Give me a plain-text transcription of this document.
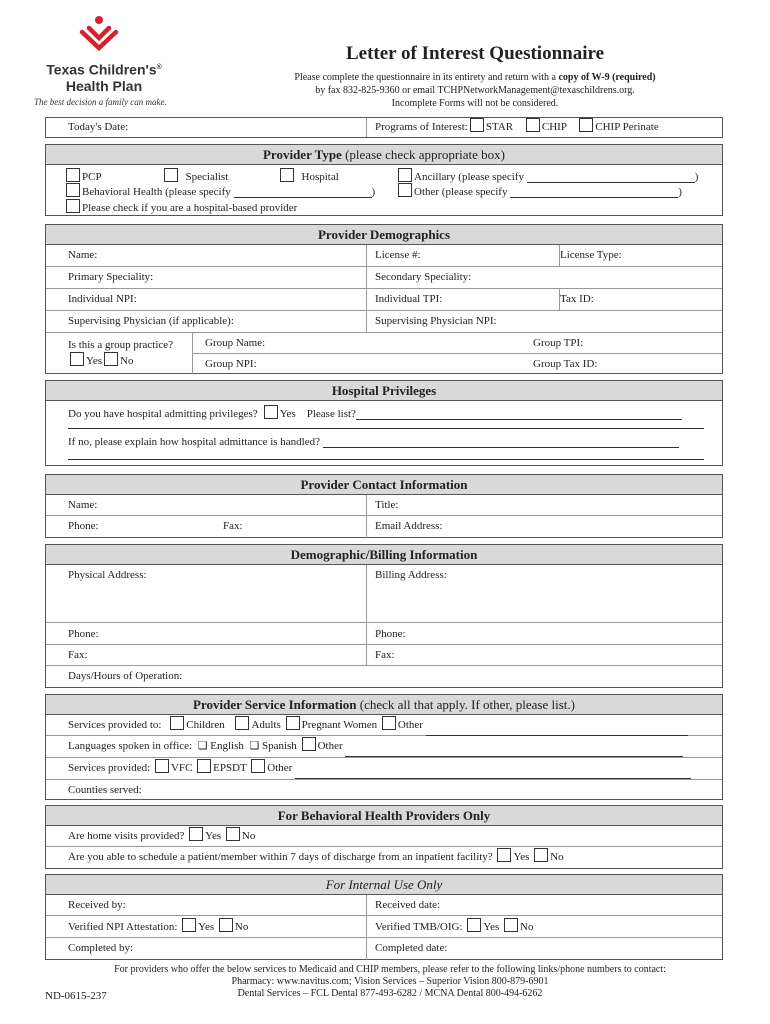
Texas Children's®
Health Plan
The best decision a family can make.
Letter of Interest Questionnaire
Please complete the questionnaire in its entirety and return with a copy of W-9 (required)
by fax 832-825-9360 or email TCHPNetworkManagement@texaschildrens.org.
Incomplete Forms will not be considered.
Today's Date:	Programs of Interest: STAR	CHIP	CHIP Perinate
Provider Type (please check appropriate box)
PCP	Specialist	Hospital	Ancillary (please specify	)
Behavioral Health (please specify	)	Other (please specify	)
Please check if you are a hospital-based provider
Provider Demographics
Name:	License #:	License Type:
Primary Speciality:	Secondary Speciality:
Individual NPI:	Individual TPI:	Tax ID:
Supervising Physician (if applicable):	Supervising Physician NPI:
Is this a group practice?
Yes No
Group Name:	Group TPI:
Group NPI:	Group Tax ID:
Hospital Privileges
Do you have hospital admitting privileges? Yes Please list?
If no, please explain how hospital admittance is handled?
Provider Contact Information
Name:	Title:
Phone:	Fax:	Email Address:
Demographic/Billing Information
Physical Address:	Billing Address:
Phone:	Phone:
Fax:	Fax:
Days/Hours of Operation:
Provider Service Information (check all that apply. If other, please list.)
Services provided to: Children Adults Pregnant Women Other
Languages spoken in office: ❏ English ❏ Spanish Other
Services provided: VFC EPSDT Other
Counties served:
For Behavioral Health Providers Only
Are home visits provided? Yes No
Are you able to schedule a patient/member within 7 days of discharge from an inpatient facility? Yes No
For Internal Use Only
Received by:	Received date:
Verified NPI Attestation: Yes No	Verified TMB/OIG: Yes No
Completed by:	Completed date:
For providers who offer the below services to Medicaid and CHIP members, please refer to the following links/phone numbers to contact:
Pharmacy: www.navitus.com; Vision Services – Superior Vision 800-879-6901
Dental Services – FCL Dental 877-493-6282 / MCNA Dental 800-494-6262
ND-0615-237
